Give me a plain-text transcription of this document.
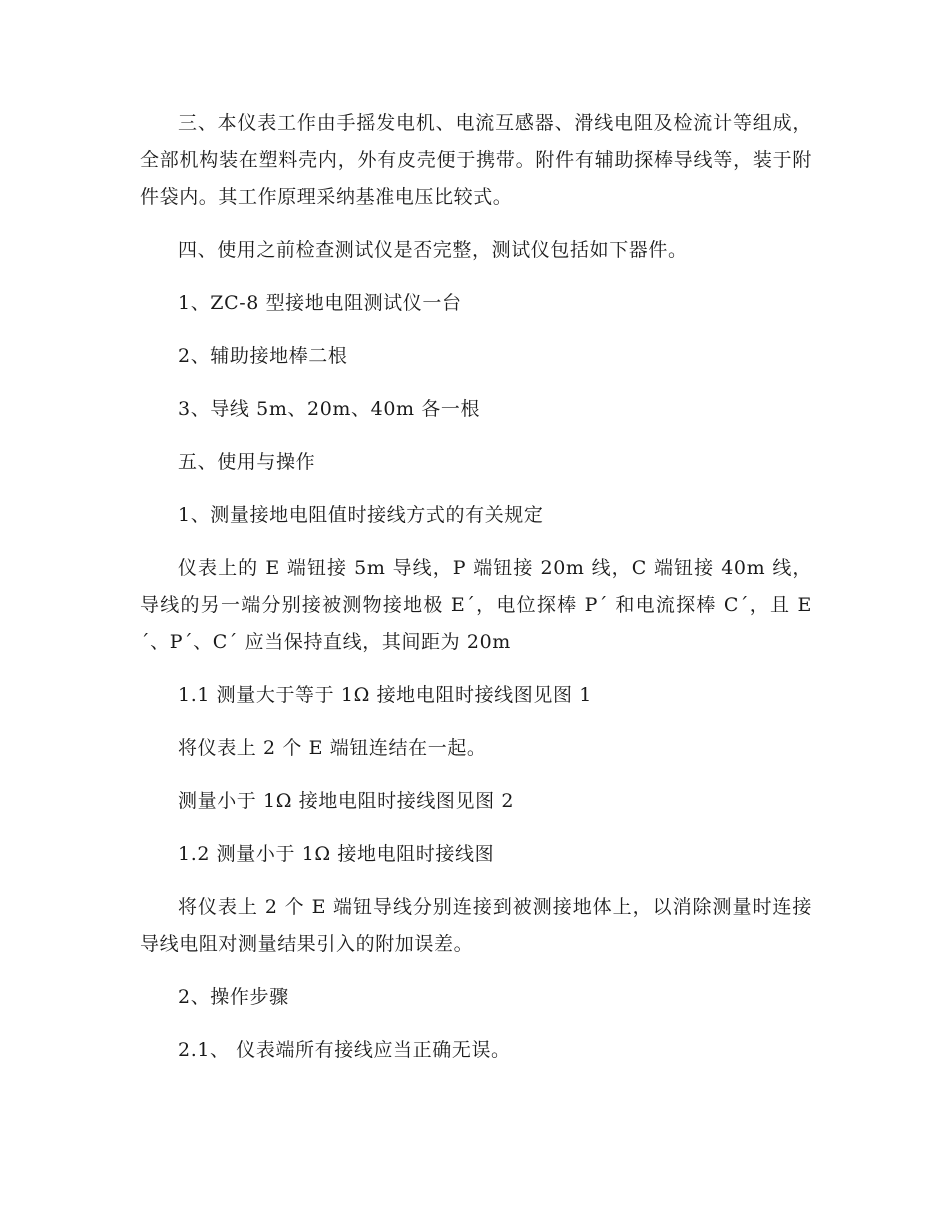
三、本仪表工作由手摇发电机、电流互感器、滑线电阻及检流计等组成，全部机构装在塑料壳内，外有皮壳便于携带。附件有辅助探棒导线等，装于附件袋内。其工作原理采纳基准电压比较式。

四、使用之前检查测试仪是否完整，测试仪包括如下器件。

1、ZC-8 型接地电阻测试仪一台

2、辅助接地棒二根

3、导线 5m、20m、40m 各一根

五、使用与操作

1、测量接地电阻值时接线方式的有关规定

仪表上的 E 端钮接 5m 导线，P 端钮接 20m 线，C 端钮接 40m 线，导线的另一端分别接被测物接地极 E´，电位探棒 P´ 和电流探棒 C´，且 E´、P´、C´ 应当保持直线，其间距为 20m

1.1 测量大于等于 1Ω 接地电阻时接线图见图 1

将仪表上 2 个 E 端钮连结在一起。

测量小于 1Ω 接地电阻时接线图见图 2

1.2 测量小于 1Ω 接地电阻时接线图

将仪表上 2 个 E 端钮导线分别连接到被测接地体上，以消除测量时连接导线电阻对测量结果引入的附加误差。

2、操作步骤

2.1、 仪表端所有接线应当正确无误。
